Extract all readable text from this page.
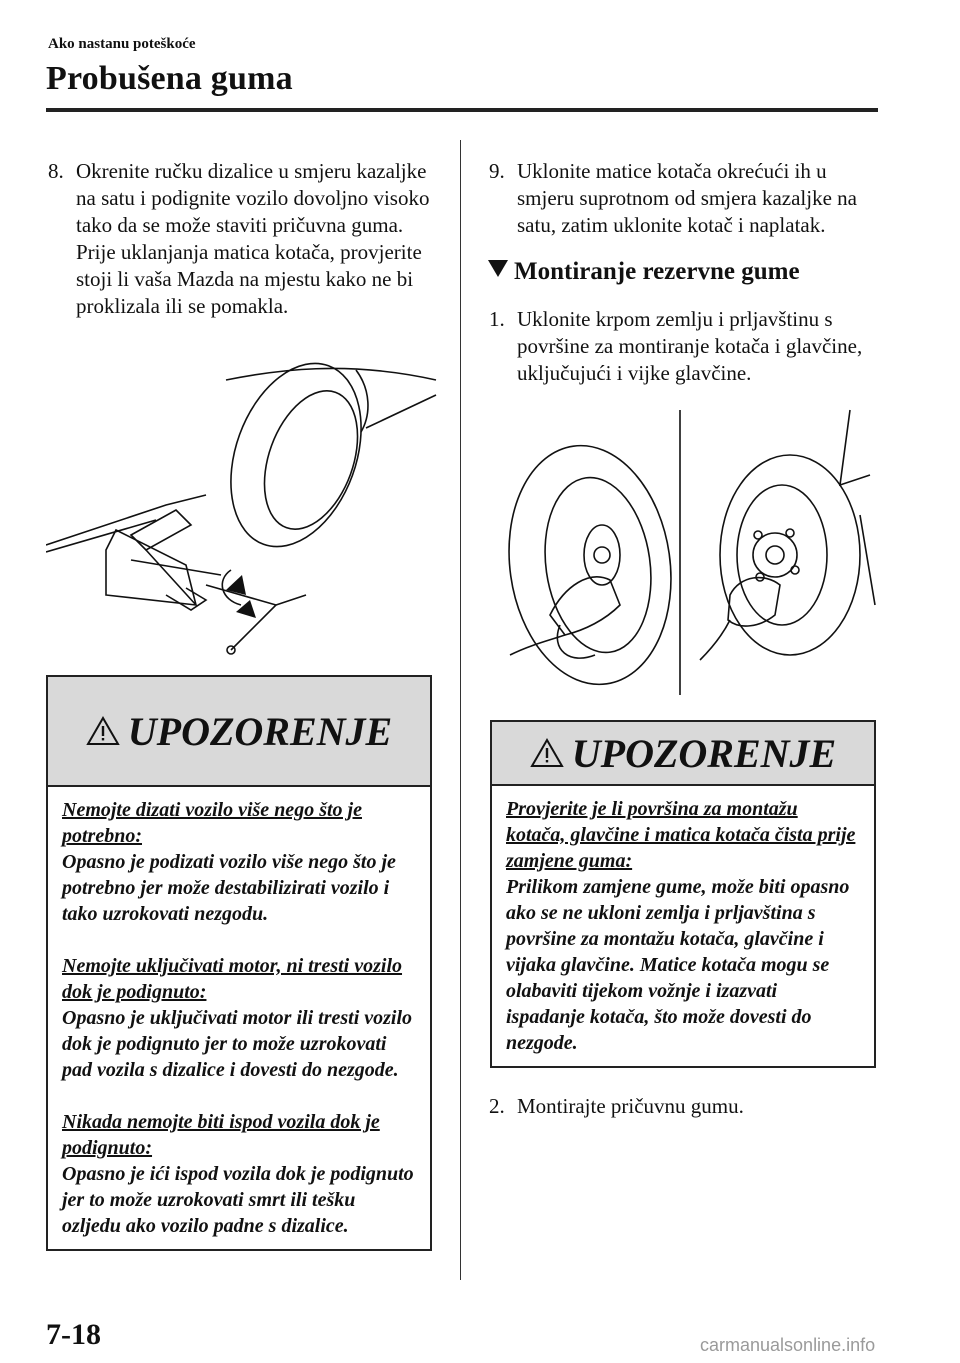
Ako nastanu poteškoće
Probušena guma
8. Okrenite ručku dizalice u smjeru kazaljke na satu i podignite vozilo dovoljno visoko tako da se može staviti pričuvna guma. Prije uklanjanja matica kotača, provjerite stoji li vaša Mazda na mjestu kako ne bi proklizala ili se pomakla.
UPOZORENJE

Nemojte dizati vozilo više nego što je potrebno:
Opasno je podizati vozilo više nego što je potrebno jer može destabilizirati vozilo i tako uzrokovati nezgodu.

Nemojte uključivati motor, ni tresti vozilo dok je podignuto:
Opasno je uključivati motor ili tresti vozilo dok je podignuto jer to može uzrokovati pad vozila s dizalice i dovesti do nezgode.

Nikada nemojte biti ispod vozila dok je podignuto:
Opasno je ići ispod vozila dok je podignuto jer to može uzrokovati smrt ili tešku ozljedu ako vozilo padne s dizalice.

9. Uklonite matice kotača okrećući ih u smjeru suprotnom od smjera kazaljke na satu, zatim uklonite kotač i naplatak.
Montiranje rezervne gume
1. Uklonite krpom zemlju i prljavštinu s površine za montiranje kotača i glavčine, uključujući i vijke glavčine.
UPOZORENJE

Provjerite je li površina za montažu kotača, glavčine i matica kotača čista prije zamjene guma:
Prilikom zamjene gume, može biti opasno ako se ne ukloni zemlja i prljavština s površine za montažu kotača, glavčine i vijaka glavčine. Matice kotača mogu se olabaviti tijekom vožnje i izazvati ispadanje kotača, što može dovesti do nezgode.

2. Montirajte pričuvnu gumu.
7-18	carmanualsonline.info
